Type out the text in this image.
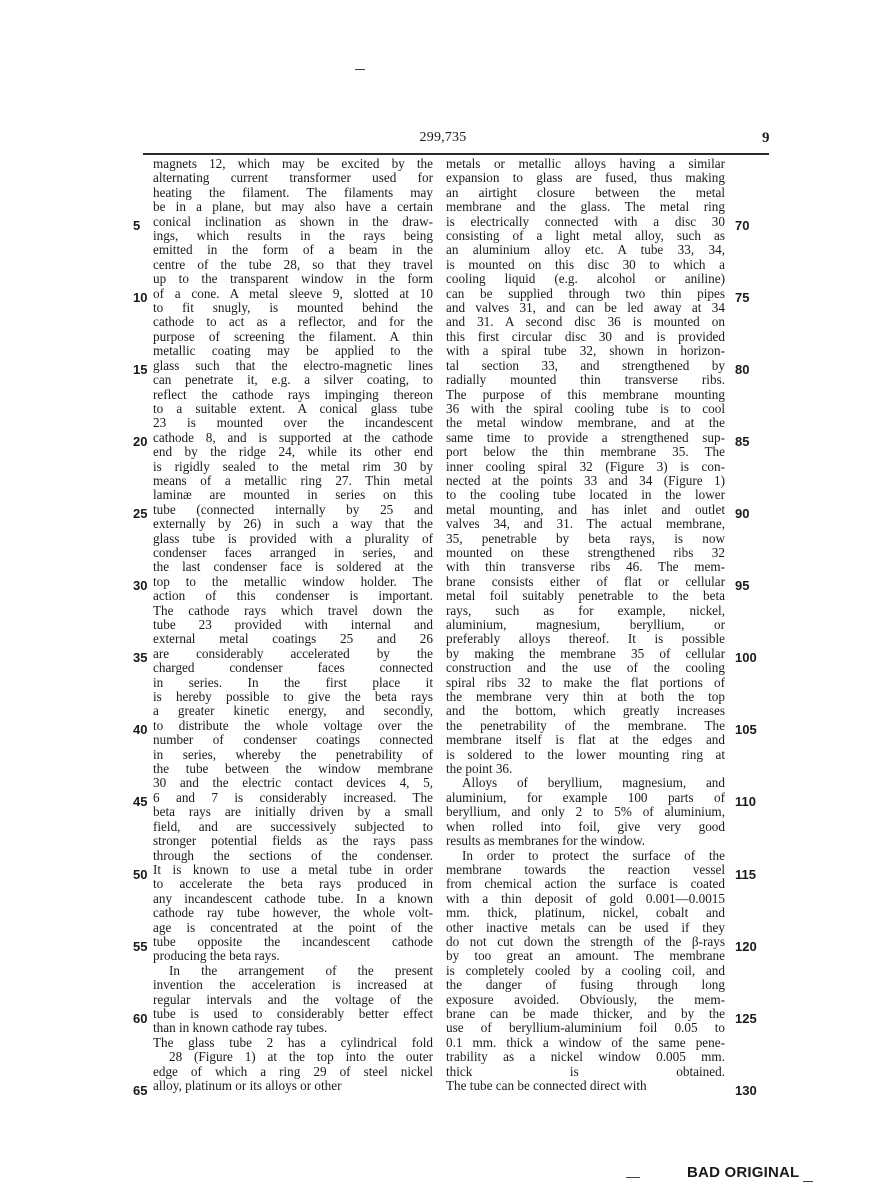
299,735	9
magnets 12, which may be excited by the
alternating current transformer used for
heating the filament. The filaments may
be in a plane, but may also have a certain
conical inclination as shown in the draw-
ings, which results in the rays being
emitted in the form of a beam in the
centre of the tube 28, so that they travel
up to the transparent window in the form
of a cone. A metal sleeve 9, slotted at 10
to fit snugly, is mounted behind the
cathode to act as a reflector, and for the
purpose of screening the filament. A thin
metallic coating may be applied to the
glass such that the electro-magnetic lines
can penetrate it, e.g. a silver coating, to
reflect the cathode rays impinging thereon
to a suitable extent. A conical glass tube
23 is mounted over the incandescent
cathode 8, and is supported at the cathode
end by the ridge 24, while its other end
is rigidly sealed to the metal rim 30 by
means of a metallic ring 27. Thin metal
laminæ are mounted in series on this
tube (connected internally by 25 and
externally by 26) in such a way that the
glass tube is provided with a plurality of
condenser faces arranged in series, and
the last condenser face is soldered at the
top to the metallic window holder. The
action of this condenser is important.
The cathode rays which travel down the
tube 23 provided with internal and
external metal coatings 25 and 26
are considerably accelerated by the
charged condenser faces connected
in series. In the first place it
is hereby possible to give the beta rays
a greater kinetic energy, and secondly,
to distribute the whole voltage over the
number of condenser coatings connected
in series, whereby the penetrability of
the tube between the window membrane
30 and the electric contact devices 4, 5,
6 and 7 is considerably increased. The
beta rays are initially driven by a small
field, and are successively subjected to
stronger potential fields as the rays pass
through the sections of the condenser.
It is known to use a metal tube in order
to accelerate the beta rays produced in
any incandescent cathode tube. In a known
cathode ray tube however, the whole volt-
age is concentrated at the point of the
tube opposite the incandescent cathode
producing the beta rays.
In the arrangement of the present
invention the acceleration is increased at
regular intervals and the voltage of the
tube is used to considerably better effect
than in known cathode ray tubes.
The glass tube 2 has a cylindrical fold
28 (Figure 1) at the top into the outer
edge of which a ring 29 of steel nickel
alloy, platinum or its alloys or other
metals or metallic alloys having a similar
expansion to glass are fused, thus making
an airtight closure between the metal
membrane and the glass. The metal ring
is electrically connected with a disc 30
consisting of a light metal alloy, such as
an aluminium alloy etc. A tube 33, 34,
is mounted on this disc 30 to which a
cooling liquid (e.g. alcohol or aniline)
can be supplied through two thin pipes
and valves 31, and can be led away at 34
and 31. A second disc 36 is mounted on
this first circular disc 30 and is provided
with a spiral tube 32, shown in horizon-
tal section 33, and strengthened by
radially mounted thin transverse ribs.
The purpose of this membrane mounting
36 with the spiral cooling tube is to cool
the metal window membrane, and at the
same time to provide a strengthened sup-
port below the thin membrane 35. The
inner cooling spiral 32 (Figure 3) is con-
nected at the points 33 and 34 (Figure 1)
to the cooling tube located in the lower
metal mounting, and has inlet and outlet
valves 34, and 31. The actual membrane,
35, penetrable by beta rays, is now
mounted on these strengthened ribs 32
with thin transverse ribs 46. The mem-
brane consists either of flat or cellular
metal foil suitably penetrable to the beta
rays, such as for example, nickel,
aluminium, magnesium, beryllium, or
preferably alloys thereof. It is possible
by making the membrane 35 of cellular
construction and the use of the cooling
spiral ribs 32 to make the flat portions of
the membrane very thin at both the top
and the bottom, which greatly increases
the penetrability of the membrane. The
membrane itself is flat at the edges and
is soldered to the lower mounting ring at
the point 36.
Alloys of beryllium, magnesium, and
aluminium, for example 100 parts of
beryllium, and only 2 to 5% of aluminium,
when rolled into foil, give very good
results as membranes for the window.
In order to protect the surface of the
membrane towards the reaction vessel
from chemical action the surface is coated
with a thin deposit of gold 0.001—0.0015
mm. thick, platinum, nickel, cobalt and
other inactive metals can be used if they
do not cut down the strength of the β-rays
by too great an amount. The membrane
is completely cooled by a cooling coil, and
the danger of fusing through long
exposure avoided. Obviously, the mem-
brane can be made thicker, and by the
use of beryllium-aluminium foil 0.05 to
0.1 mm. thick a window of the same pene-
trability as a nickel window 0.005 mm.
thick is obtained.
The tube can be connected direct with
5
10
15
20
25
30
35
40
45
50
55
60
65
70
75
80
85
90
95
100
105
110
115
120
125
130
BAD ORIGINAL
